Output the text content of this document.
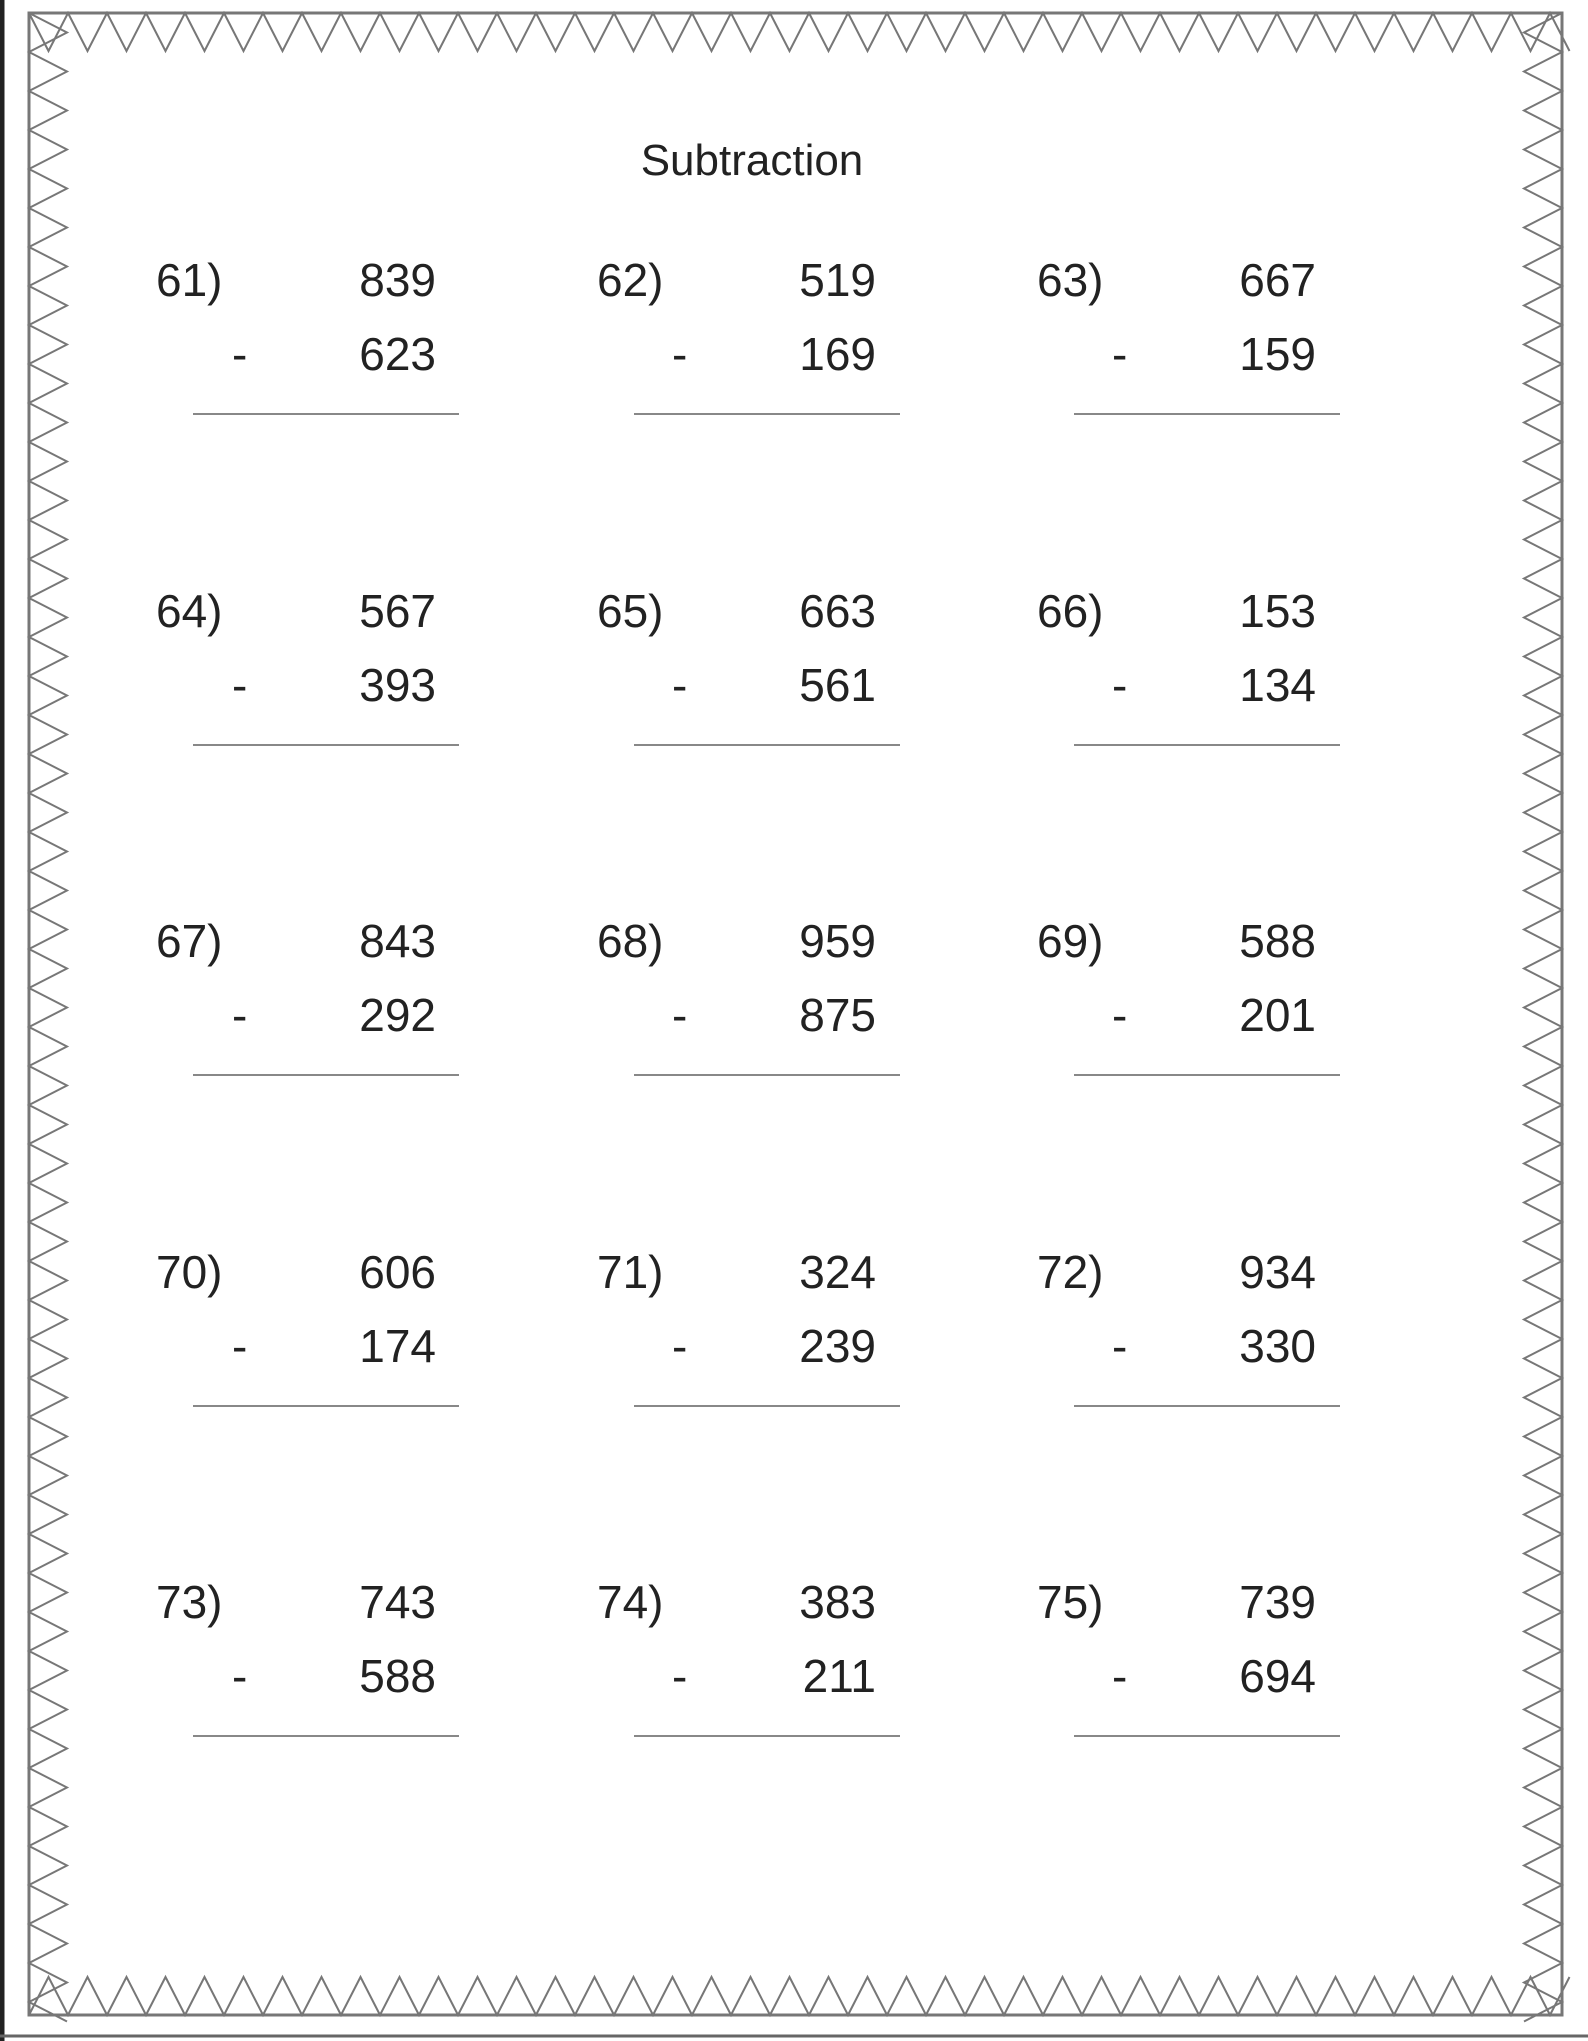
Subtraction
61)	839
-	623
62)	519
-	169
63)	667
-	159
64)	567
-	393
65)	663
-	561
66)	153
-	134
67)	843
-	292
68)	959
-	875
69)	588
-	201
70)	606
-	174
71)	324
-	239
72)	934
-	330
73)	743
-	588
74)	383
-	211
75)	739
-	694
